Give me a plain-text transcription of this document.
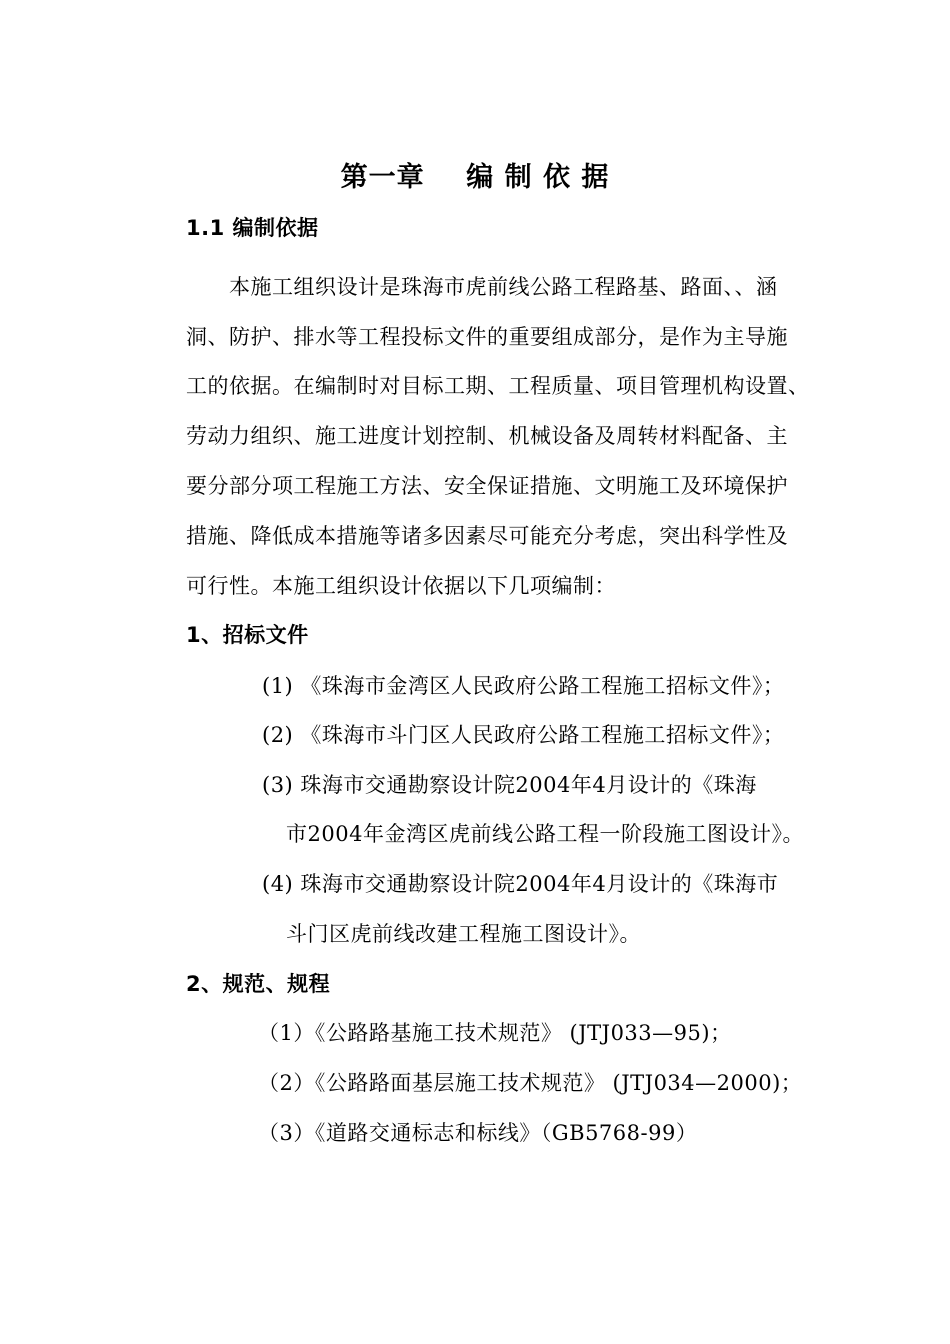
第一章    编 制 依 据
1.1 编制依据
本施工组织设计是珠海市虎前线公路工程路基、路面、、涵
洞、防护、排水等工程投标文件的重要组成部分，是作为主导施
工的依据。在编制时对目标工期、工程质量、项目管理机构设置、
劳动力组织、施工进度计划控制、机械设备及周转材料配备、主
要分部分项工程施工方法、安全保证措施、文明施工及环境保护
措施、降低成本措施等诸多因素尽可能充分考虑，突出科学性及
可行性。本施工组织设计依据以下几项编制：
1、招标文件
(1) 《珠海市金湾区人民政府公路工程施工招标文件》；
(2) 《珠海市斗门区人民政府公路工程施工招标文件》；
(3) 珠海市交通勘察设计院2004年4月设计的《珠海
市2004年金湾区虎前线公路工程一阶段施工图设计》。
(4) 珠海市交通勘察设计院2004年4月设计的《珠海市
斗门区虎前线改建工程施工图设计》。
2、规范、规程
（1）《公路路基施工技术规范》 (JTJ033—95)；
（2）《公路路面基层施工技术规范》 (JTJ034—2000)；
（3）《道路交通标志和标线》（GB5768-99）
